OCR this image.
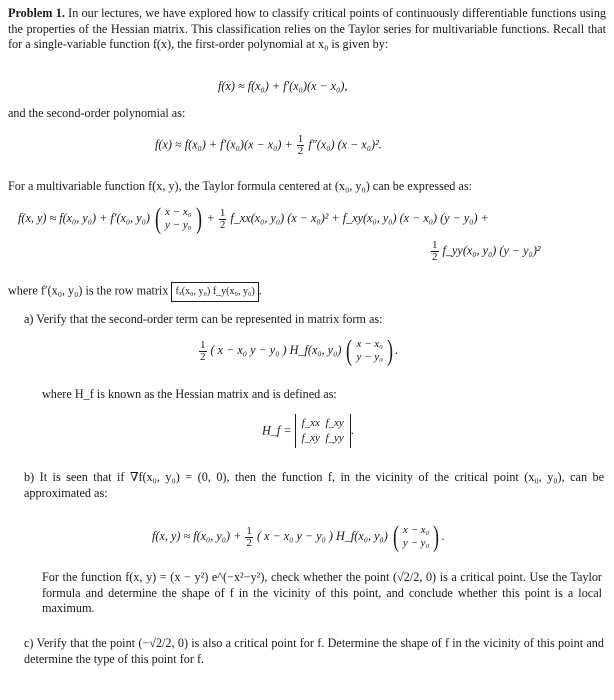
Problem 1. In our lectures, we have explored how to classify critical points of continuously differentiable functions using the properties of the Hessian matrix. This classification relies on the Taylor series for multivariable functions. Recall that for a single-variable function f(x), the first-order polynomial at x₀ is given by:
f(x) ≈ f(x₀) + f′(x₀)(x − x₀),
and the second-order polynomial as:
$f(x) \approx f(x_0) + f'(x_0)(x - x_0) + \frac{1}{2} f''(x_0) (x - x_0)^2$.
For a multivariable function f(x, y), the Taylor formula centered at (x₀, y₀) can be expressed as:
f(x, y) ≈ f(x₀, y₀) + f′(x₀, y₀) ( x − x₀
y − y₀ ) + $\frac{1}{2}$ f_xx(x₀, y₀) (x − x₀)² + f_xy(x₀, y₀) (x − x₀) (y − y₀) +
$\frac{1}{2}$ f_yy(x₀, y₀) (y − y₀)²
where f′(x₀, y₀) is the row matrix fₓ(x₀, y₀) f_y(x₀, y₀) .
a) Verify that the second-order term can be represented in matrix form as:
$\frac{1}{2}$ ( x − x₀ y − y₀ ) H_f(x₀, y₀) ( x − x₀
y − y₀ ) .
where H_f is known as the Hessian matrix and is defined as:
H_f =
f_xx f_xy
f_xy f_yy
.
b) It is seen that if ∇f(x₀, y₀) = (0, 0), then the function f, in the vicinity of the critical point (x₀, y₀), can be approximated as:
f(x, y) ≈ f(x₀, $y_0) + \frac{1}{2}$ ( x − x₀ y − y₀ ) H_f(x₀, y₀) ( x − x₀
y − y₀ ) .
For the function f(x, y) = (x − y²) e^(−x²−y²), check whether the point (√2/2, 0) is a critical point. Use the Taylor formula and determine the shape of f in the vicinity of this point, and conclude whether this point is a local maximum.
c) Verify that the point (−√2/2, 0) is also a critical point for f. Determine the shape of f in the vicinity of this point and determine the type of this point for f.
